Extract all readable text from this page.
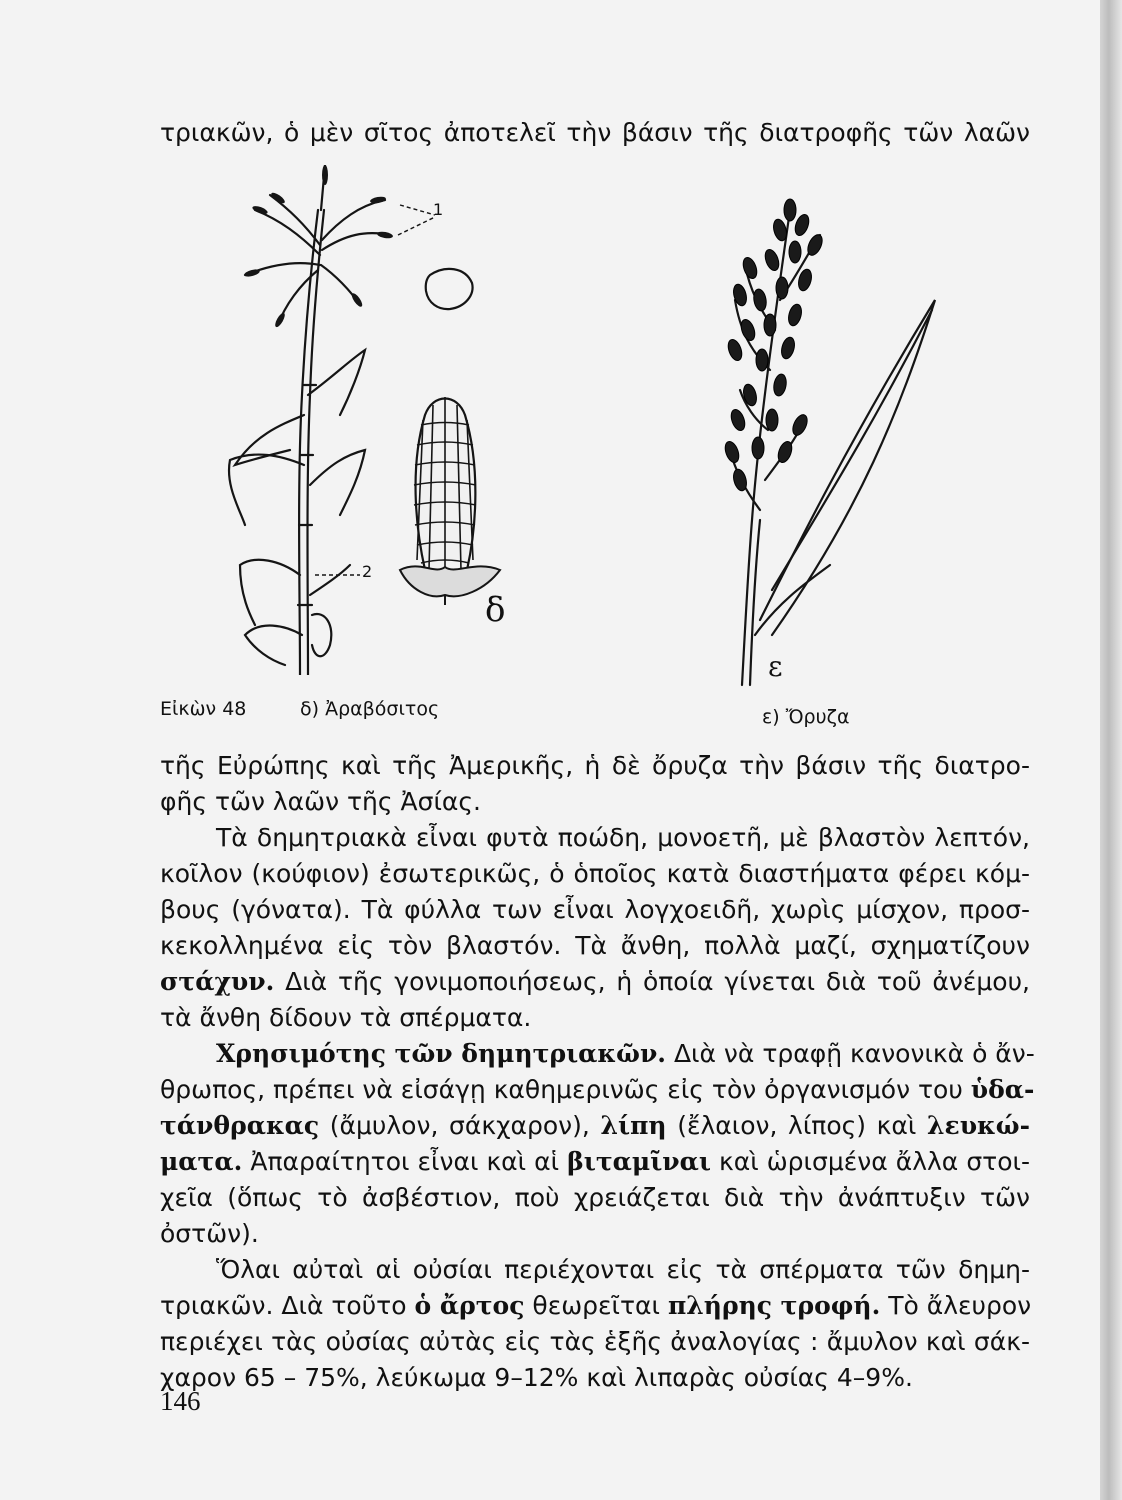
τριακῶν, ὁ μὲν σῖτος ἀποτελεῖ τὴν βάσιν τῆς διατροφῆς τῶν λαῶν
1
2
δ
ε
Εἰκὼν 48	δ) Ἀραβόσιτος	ε) Ὄρυζα
τῆς Εὐρώπης καὶ τῆς Ἀμερικῆς, ἡ δὲ ὄρυζα τὴν βάσιν τῆς διατρο-
φῆς τῶν λαῶν τῆς Ἀσίας.
Τὰ δημητριακὰ εἶναι φυτὰ ποώδη, μονοετῆ, μὲ βλαστὸν λεπτόν,
κοῖλον (κούφιον) ἐσωτερικῶς, ὁ ὁποῖος κατὰ διαστήματα φέρει κόμ-
βους (γόνατα). Τὰ φύλλα των εἶναι λογχοειδῆ, χωρὶς μίσχον, προσ-
κεκολλημένα εἰς τὸν βλαστόν. Τὰ ἄνθη, πολλὰ μαζί, σχηματίζουν
στάχυν. Διὰ τῆς γονιμοποιήσεως, ἡ ὁποία γίνεται διὰ τοῦ ἀνέμου,
τὰ ἄνθη δίδουν τὰ σπέρματα.
Χρησιμότης τῶν δημητριακῶν. Διὰ νὰ τραφῇ κανονικὰ ὁ ἄν-
θρωπος, πρέπει νὰ εἰσάγῃ καθημερινῶς εἰς τὸν ὀργανισμόν του ὑδα-
τάνθρακας (ἄμυλον, σάκχαρον), λίπη (ἔλαιον, λίπος) καὶ λευκώ-
ματα. Ἀπαραίτητοι εἶναι καὶ αἱ βιταμῖναι καὶ ὡρισμένα ἄλλα στοι-
χεῖα (ὅπως τὸ ἀσβέστιον, ποὺ χρειάζεται διὰ τὴν ἀνάπτυξιν τῶν
ὀστῶν).
Ὅλαι αὐταὶ αἱ οὐσίαι περιέχονται εἰς τὰ σπέρματα τῶν δημη-
τριακῶν. Διὰ τοῦτο ὁ ἄρτος θεωρεῖται πλήρης τροφή. Τὸ ἄλευρον
περιέχει τὰς οὐσίας αὐτὰς εἰς τὰς ἑξῆς ἀναλογίας : ἄμυλον καὶ σάκ-
χαρον 65 – 75%, λεύκωμα 9–12% καὶ λιπαρὰς οὐσίας 4–9%.
146
